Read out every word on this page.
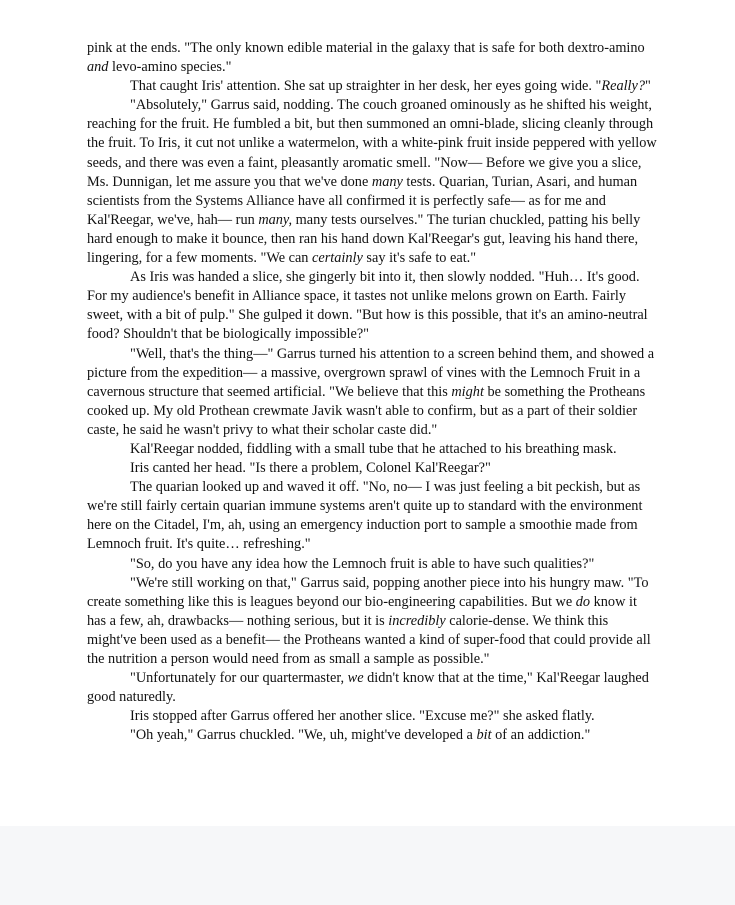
pink at the ends. "The only known edible material in the galaxy that is safe for both dextro-amino and levo-amino species."

That caught Iris' attention. She sat up straighter in her desk, her eyes going wide. "Really?"

"Absolutely," Garrus said, nodding. The couch groaned ominously as he shifted his weight, reaching for the fruit. He fumbled a bit, but then summoned an omni-blade, slicing cleanly through the fruit. To Iris, it cut not unlike a watermelon, with a white-pink fruit inside peppered with yellow seeds, and there was even a faint, pleasantly aromatic smell. "Now— Before we give you a slice, Ms. Dunnigan, let me assure you that we've done many tests. Quarian, Turian, Asari, and human scientists from the Systems Alliance have all confirmed it is perfectly safe— as for me and Kal'Reegar, we've, hah— run many, many tests ourselves." The turian chuckled, patting his belly hard enough to make it bounce, then ran his hand down Kal'Reegar's gut, leaving his hand there, lingering, for a few moments. "We can certainly say it's safe to eat."

As Iris was handed a slice, she gingerly bit into it, then slowly nodded. "Huh… It's good. For my audience's benefit in Alliance space, it tastes not unlike melons grown on Earth. Fairly sweet, with a bit of pulp." She gulped it down. "But how is this possible, that it's an amino-neutral food? Shouldn't that be biologically impossible?"

"Well, that's the thing—" Garrus turned his attention to a screen behind them, and showed a picture from the expedition— a massive, overgrown sprawl of vines with the Lemnoch Fruit in a cavernous structure that seemed artificial. "We believe that this might be something the Protheans cooked up. My old Prothean crewmate Javik wasn't able to confirm, but as a part of their soldier caste, he said he wasn't privy to what their scholar caste did."

Kal'Reegar nodded, fiddling with a small tube that he attached to his breathing mask.

Iris canted her head. "Is there a problem, Colonel Kal'Reegar?"

The quarian looked up and waved it off. "No, no— I was just feeling a bit peckish, but as we're still fairly certain quarian immune systems aren't quite up to standard with the environment here on the Citadel, I'm, ah, using an emergency induction port to sample a smoothie made from Lemnoch fruit. It's quite… refreshing."

"So, do you have any idea how the Lemnoch fruit is able to have such qualities?"

"We're still working on that," Garrus said, popping another piece into his hungry maw. "To create something like this is leagues beyond our bio-engineering capabilities. But we do know it has a few, ah, drawbacks— nothing serious, but it is incredibly calorie-dense. We think this might've been used as a benefit— the Protheans wanted a kind of super-food that could provide all the nutrition a person would need from as small a sample as possible."

"Unfortunately for our quartermaster, we didn't know that at the time," Kal'Reegar laughed good naturedly.

Iris stopped after Garrus offered her another slice. "Excuse me?" she asked flatly.

"Oh yeah," Garrus chuckled. "We, uh, might've developed a bit of an addiction."
